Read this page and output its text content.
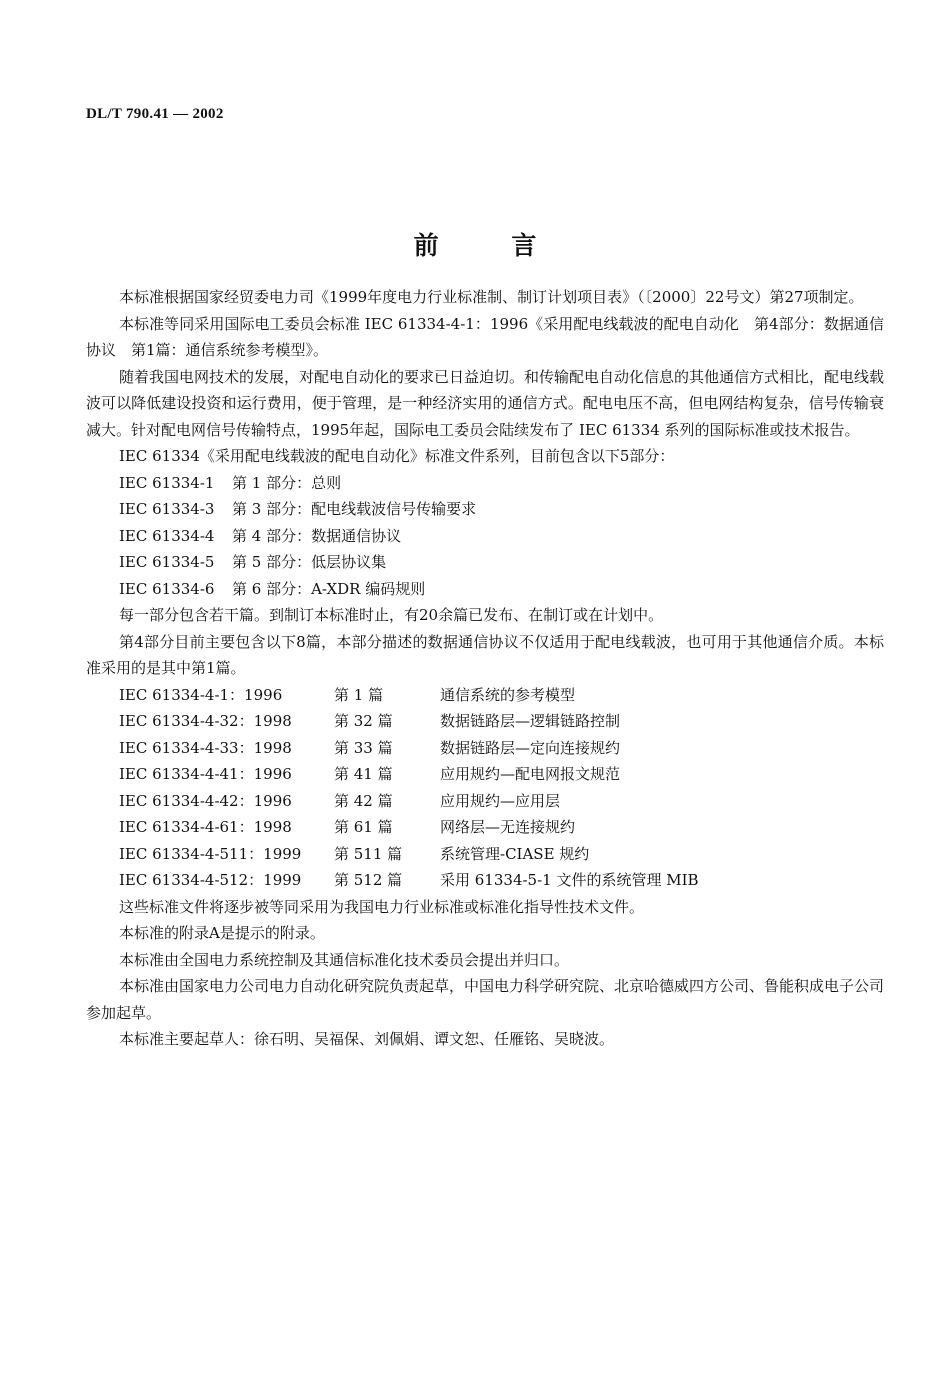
DL/T 790.41 — 2002
前 言

本标准根据国家经贸委电力司《1999年度电力行业标准制、制订计划项目表》（〔2000〕22号文）第27项制定。

本标准等同采用国际电工委员会标准 IEC 61334-4-1：1996《采用配电线载波的配电自动化　第4部分：数据通信协议　第1篇：通信系统参考模型》。

随着我国电网技术的发展，对配电自动化的要求已日益迫切。和传输配电自动化信息的其他通信方式相比，配电线载波可以降低建设投资和运行费用，便于管理，是一种经济实用的通信方式。配电电压不高，但电网结构复杂，信号传输衰减大。针对配电网信号传输特点，1995年起，国际电工委员会陆续发布了 IEC 61334 系列的国际标准或技术报告。

IEC 61334《采用配电线载波的配电自动化》标准文件系列，目前包含以下5部分：

IEC 61334-1	第 1 部分：总则
IEC 61334-3	第 3 部分：配电线载波信号传输要求
IEC 61334-4	第 4 部分：数据通信协议
IEC 61334-5	第 5 部分：低层协议集
IEC 61334-6	第 6 部分：A-XDR 编码规则

每一部分包含若干篇。到制订本标准时止，有20余篇已发布、在制订或在计划中。

第4部分目前主要包含以下8篇，本部分描述的数据通信协议不仅适用于配电线载波，也可用于其他通信介质。本标准采用的是其中第1篇。

IEC 61334-4-1：1996	第 1 篇	通信系统的参考模型
IEC 61334-4-32：1998	第 32 篇	数据链路层—逻辑链路控制
IEC 61334-4-33：1998	第 33 篇	数据链路层—定向连接规约
IEC 61334-4-41：1996	第 41 篇	应用规约—配电网报文规范
IEC 61334-4-42：1996	第 42 篇	应用规约—应用层
IEC 61334-4-61：1998	第 61 篇	网络层—无连接规约
IEC 61334-4-511：1999	第 511 篇	系统管理-CIASE 规约
IEC 61334-4-512：1999	第 512 篇	采用 61334-5-1 文件的系统管理 MIB

这些标准文件将逐步被等同采用为我国电力行业标准或标准化指导性技术文件。

本标准的附录A是提示的附录。

本标准由全国电力系统控制及其通信标准化技术委员会提出并归口。

本标准由国家电力公司电力自动化研究院负责起草，中国电力科学研究院、北京哈德威四方公司、鲁能积成电子公司参加起草。

本标准主要起草人：徐石明、吴福保、刘佩娟、谭文恕、任雁铭、吴晓波。
